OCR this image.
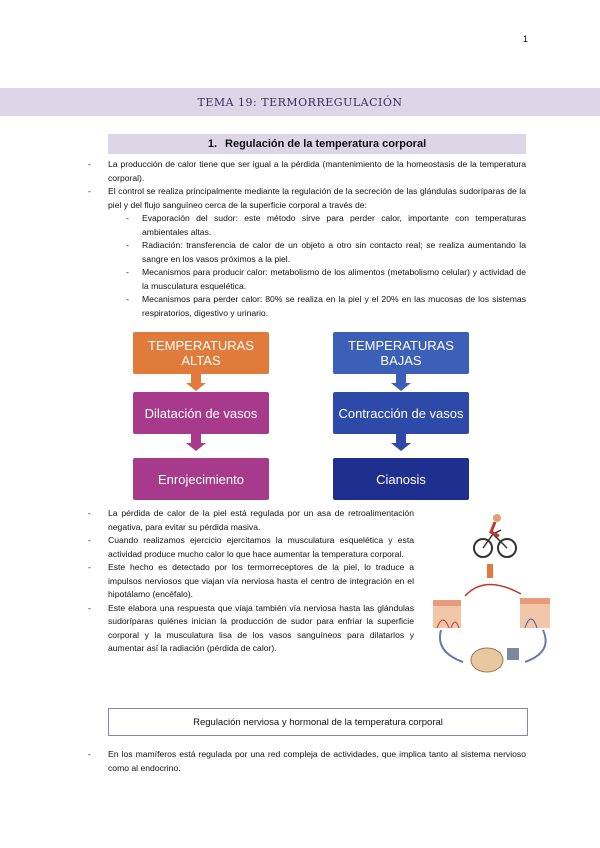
1
TEMA 19: TERMORREGULACIÓN
1. Regulación de la temperatura corporal
- La producción de calor tiene que ser igual a la pérdida (mantenimiento de la homeostasis de la temperatura corporal).
- El control se realiza principalmente mediante la regulación de la secreción de las glándulas sudoríparas de la piel y del flujo sanguíneo cerca de la superficie corporal a través de:
- Evaporación del sudor: este método sirve para perder calor, importante con temperaturas ambientales altas.
- Radiación: transferencia de calor de un objeto a otro sin contacto real; se realiza aumentando la sangre en los vasos próximos a la piel.
- Mecanismos para producir calor: metabolismo de los alimentos (metabolismo celular) y actividad de la musculatura esquelética.
- Mecanismos para perder calor: 80% se realiza en la piel y el 20% en las mucosas de los sistemas respiratorios, digestivo y urinario.
TEMPERATURAS ALTAS
Dilatación de vasos
Enrojecimiento
TEMPERATURAS BAJAS
Contracción de vasos
Cianosis
- La pérdida de calor de la piel está regulada por un asa de retroalimentación negativa, para evitar su pérdida masiva.
- Cuando realizamos ejercicio ejercitamos la musculatura esquelética y esta actividad produce mucho calor lo que hace aumentar la temperatura corporal.
- Este hecho es detectado por los termorreceptores de la piel, lo traduce a impulsos nerviosos que viajan vía nerviosa hasta el centro de integración en el hipotálamo (encéfalo).
- Este elabora una respuesta que viaja también vía nerviosa hasta las glándulas sudoríparas quiénes inician la producción de sudor para enfriar la superficie corporal y la musculatura lisa de los vasos sanguíneos para dilatarlos y aumentar así la radiación (pérdida de calor).
Regulación nerviosa y hormonal de la temperatura corporal
- En los mamíferos está regulada por una red compleja de actividades, que implica tanto al sistema nervioso como al endocrino.
